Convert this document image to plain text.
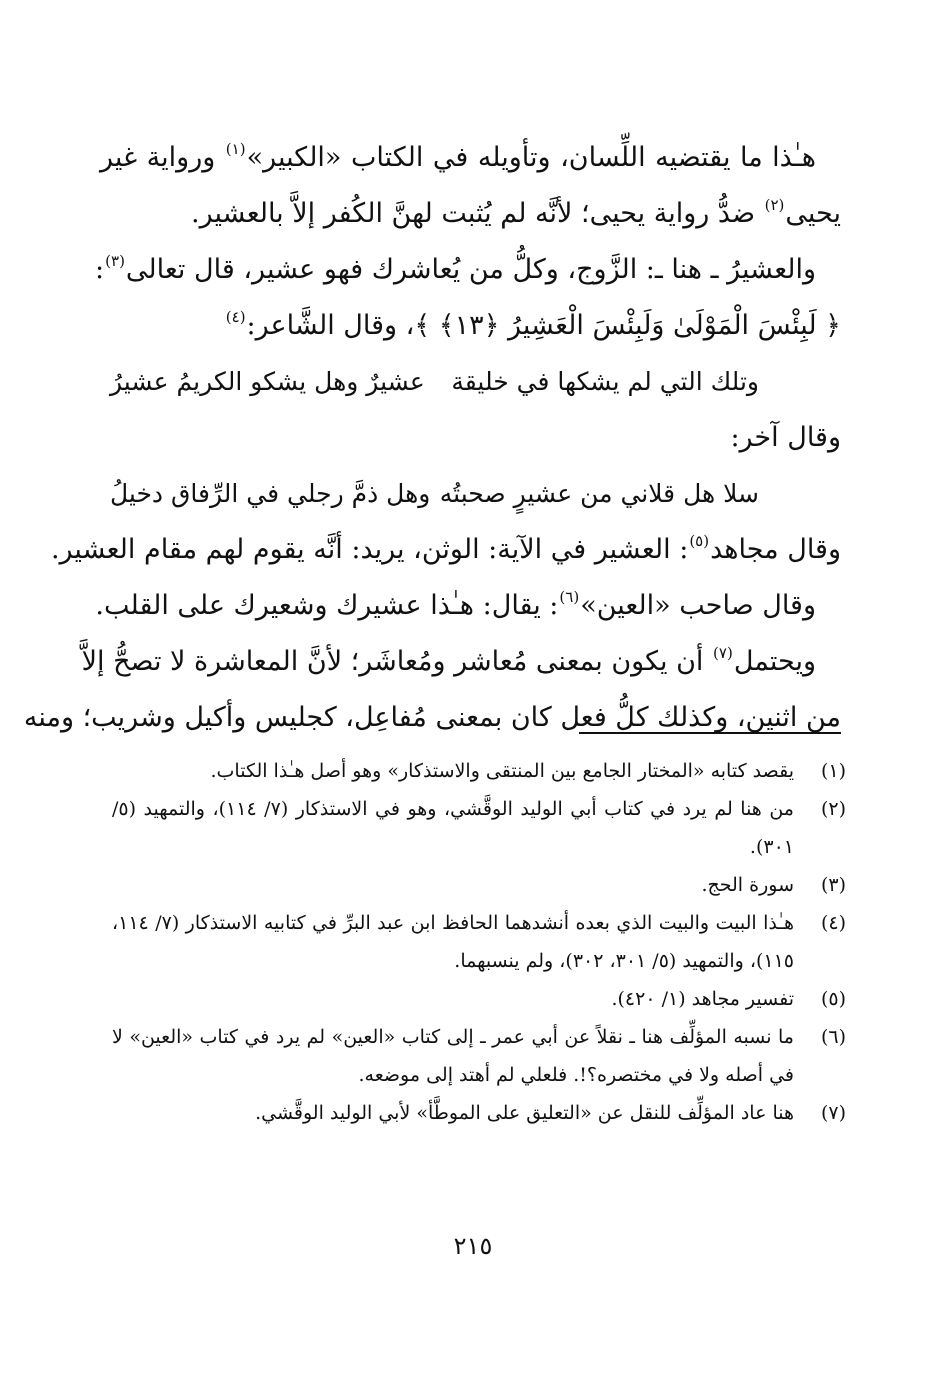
هـٰذا ما يقتضيه اللِّسان، وتأويله في الكتاب «الكبير»$^{(١)}$ ورواية غير
يحيى$^{(٢)}$ ضدُّ رواية يحيى؛ لأنَّه لم يُثبت لهنَّ الكُفر إلاَّ بالعشير.
والعشيرُ ـ هنا ـ: الزَّوج، وكلُّ من يُعاشرك فهو عشير، قال تعالى$^{(٣)}$:
﴿ لَبِئْسَ الْمَوْلَىٰ وَلَبِئْسَ الْعَشِيرُ ﴿١٣﴾ ﴾، وقال الشَّاعر:$^{(٤)}$
وتلك التي لم يشكها في خليقة
عشيرٌ وهل يشكو الكريمُ عشيرُ
وقال آخر:
سلا هل قلاني من عشيرٍ صحبتُه
وهل ذمَّ رجلي في الرِّفاق دخيلُ
وقال مجاهد$^{(٥)}$: العشير في الآية: الوثن، يريد: أنَّه يقوم لهم مقام العشير.
وقال صاحب «العين»$^{(٦)}$: يقال: هـٰذا عشيرك وشعيرك على القلب.
ويحتمل$^{(٧)}$ أن يكون بمعنى مُعاشر ومُعاشَر؛ لأنَّ المعاشرة لا تصحُّ إلاَّ
من اثنين، وكذلك كلُّ فعل كان بمعنى مُفاعِل، كجليس وأكيل وشريب؛ ومنه
(١)
يقصد كتابه «المختار الجامع بين المنتقى والاستذكار» وهو أصل هـٰذا الكتاب.
(٢)
من هنا لم يرد في كتاب أبي الوليد الوقَّشي، وهو في الاستذكار (٧/ ١١٤)، والتمهيد (٥/ ٣٠١).
(٣)
سورة الحج.
(٤)
هـٰذا البيت والبيت الذي بعده أنشدهما الحافظ ابن عبد البرِّ في كتابيه الاستذكار (٧/ ١١٤، ١١٥)، والتمهيد (٥/ ٣٠١، ٣٠٢)، ولم ينسبهما.
(٥)
تفسير مجاهد (١/ ٤٢٠).
(٦)
ما نسبه المؤلِّف هنا ـ نقلاً عن أبي عمر ـ إلى كتاب «العين» لم يرد في كتاب «العين» لا في أصله ولا في مختصره؟!. فلعلي لم أهتد إلى موضعه.
(٧)
هنا عاد المؤلِّف للنقل عن «التعليق على الموطَّأ» لأبي الوليد الوقَّشي.
٢١٥
